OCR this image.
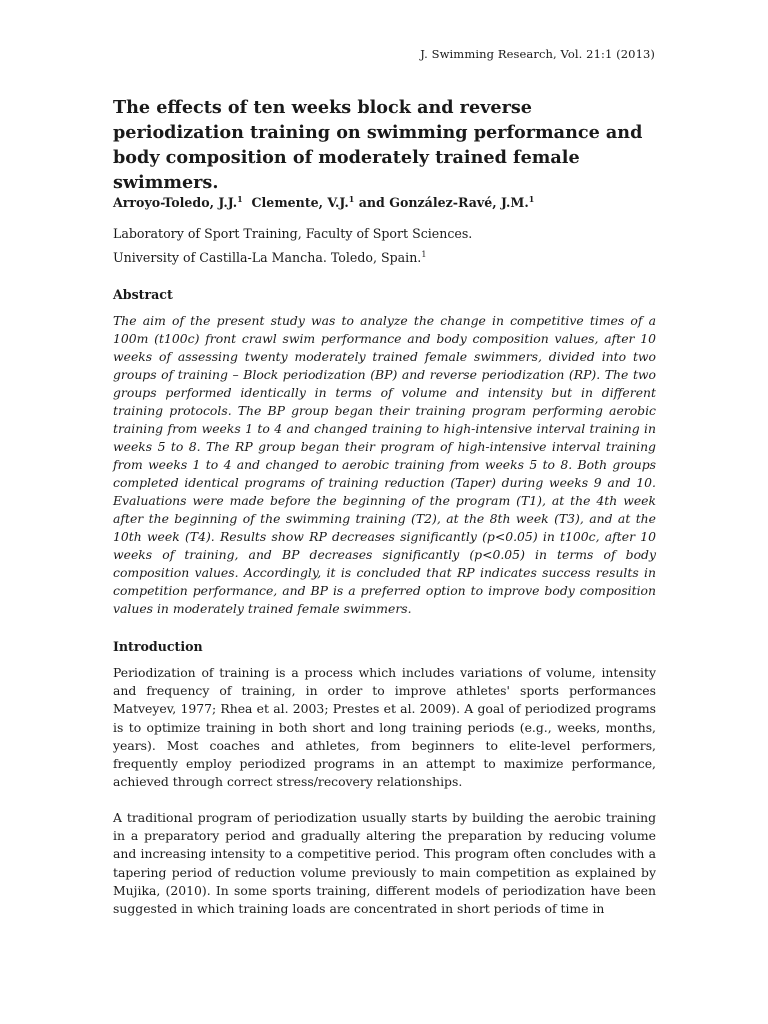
J. Swimming Research, Vol. 21:1 (2013)
The effects of ten weeks block and reverse periodization training on swimming performance and body composition of moderately trained female swimmers.
Arroyo-Toledo, J.J.$^1$ Clemente, V.J.$^1$ and González-Ravé, J.M.$^1$
Laboratory of Sport Training, Faculty of Sport Sciences.
University of Castilla-La Mancha. Toledo, Spain.$^1$
Abstract

The aim of the present study was to analyze the change in competitive times of a 100m (t100c) front crawl swim performance and body composition values, after 10 weeks of assessing twenty moderately trained female swimmers, divided into two groups of training – Block periodization (BP) and reverse periodization (RP). The two groups performed identically in terms of volume and intensity but in different training protocols. The BP group began their training program performing aerobic training from weeks 1 to 4 and changed training to high-intensive interval training in weeks 5 to 8. The RP group began their program of high-intensive interval training from weeks 1 to 4 and changed to aerobic training from weeks 5 to 8. Both groups completed identical programs of training reduction (Taper) during weeks 9 and 10. Evaluations were made before the beginning of the program (T1), at the 4th week after the beginning of the swimming training (T2), at the 8th week (T3), and at the 10th week (T4). Results show RP decreases significantly (p<0.05) in t100c, after 10 weeks of training, and BP decreases significantly (p<0.05) in terms of body composition values. Accordingly, it is concluded that RP indicates success results in competition performance, and BP is a preferred option to improve body composition values in moderately trained female swimmers.

Introduction

Periodization of training is a process which includes variations of volume, intensity and frequency of training, in order to improve athletes' sports performances Matveyev, 1977; Rhea et al. 2003; Prestes et al. 2009). A goal of periodized programs is to optimize training in both short and long training periods (e.g., weeks, months, years). Most coaches and athletes, from beginners to elite-level performers, frequently employ periodized programs in an attempt to maximize performance, achieved through correct stress/recovery relationships.

A traditional program of periodization usually starts by building the aerobic training in a preparatory period and gradually altering the preparation by reducing volume and increasing intensity to a competitive period. This program often concludes with a tapering period of reduction volume previously to main competition as explained by Mujika, (2010). In some sports training, different models of periodization have been suggested in which training loads are concentrated in short periods of time in
